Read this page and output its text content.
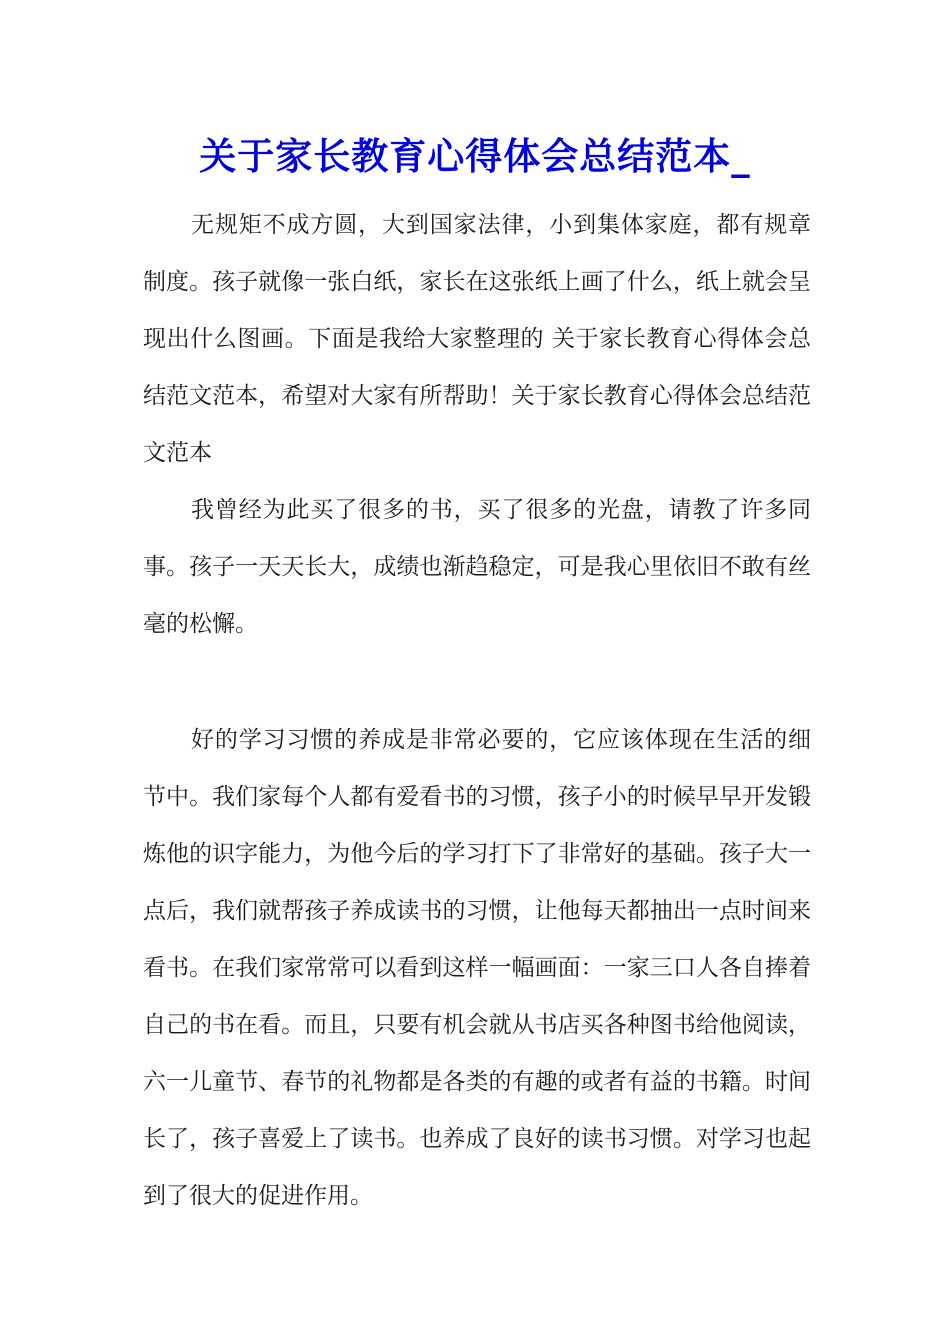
关于家长教育心得体会总结范本_

无规矩不成方圆，大到国家法律，小到集体家庭，都有规章制度。孩子就像一张白纸，家长在这张纸上画了什么，纸上就会呈现出什么图画。下面是我给大家整理的 关于家长教育心得体会总结范文范本，希望对大家有所帮助！关于家长教育心得体会总结范文范本

我曾经为此买了很多的书，买了很多的光盘，请教了许多同事。孩子一天天长大，成绩也渐趋稳定，可是我心里依旧不敢有丝毫的松懈。

好的学习习惯的养成是非常必要的，它应该体现在生活的细节中。我们家每个人都有爱看书的习惯，孩子小的时候早早开发锻炼他的识字能力，为他今后的学习打下了非常好的基础。孩子大一点后，我们就帮孩子养成读书的习惯，让他每天都抽出一点时间来看书。在我们家常常可以看到这样一幅画面：一家三口人各自捧着自己的书在看。而且，只要有机会就从书店买各种图书给他阅读，六一儿童节、春节的礼物都是各类的有趣的或者有益的书籍。时间长了，孩子喜爱上了读书。也养成了良好的读书习惯。对学习也起到了很大的促进作用。
